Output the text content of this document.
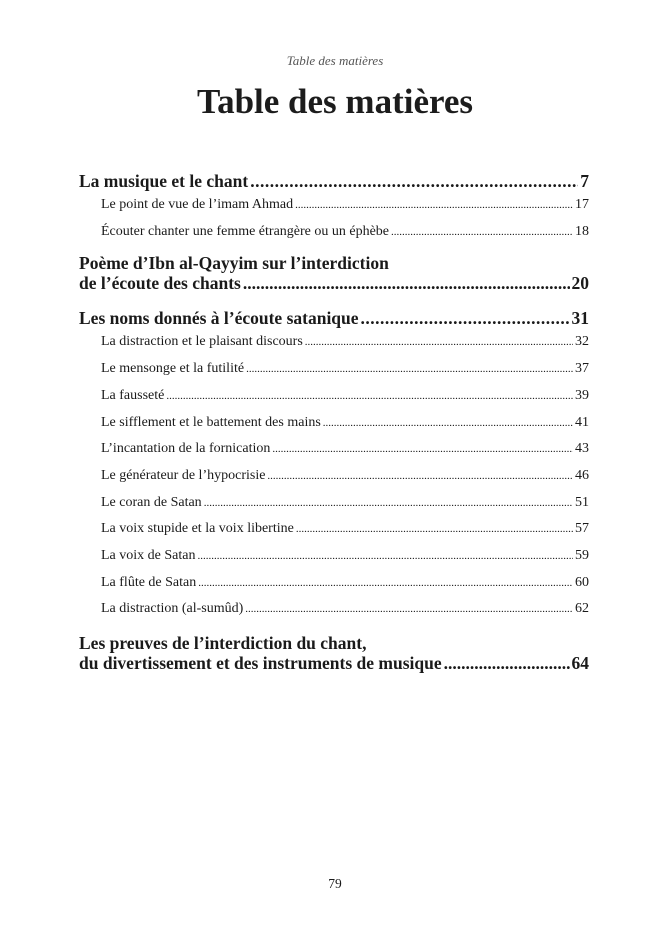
Table des matières
Table des matières
La musique et le chant .....	7
Le point de vue de l’imam Ahmad .....	17
Écouter chanter une femme étrangère ou un éphèbe .....	18
Poème d’Ibn al-Qayyim sur l’interdiction
de l’écoute des chants .....	20
Les noms donnés à l’écoute satanique .....	31
La distraction et le plaisant discours .....	32
Le mensonge et la futilité .....	37
La fausseté .....	39
Le sifflement et le battement des mains .....	41
L’incantation de la fornication .....	43
Le générateur de l’hypocrisie .....	46
Le coran de Satan .....	51
La voix stupide et la voix libertine .....	57
La voix de Satan .....	59
La flûte de Satan .....	60
La distraction (al-sumûd) .....	62
Les preuves de l’interdiction du chant,
du divertissement et des instruments de musique .....	64
79
